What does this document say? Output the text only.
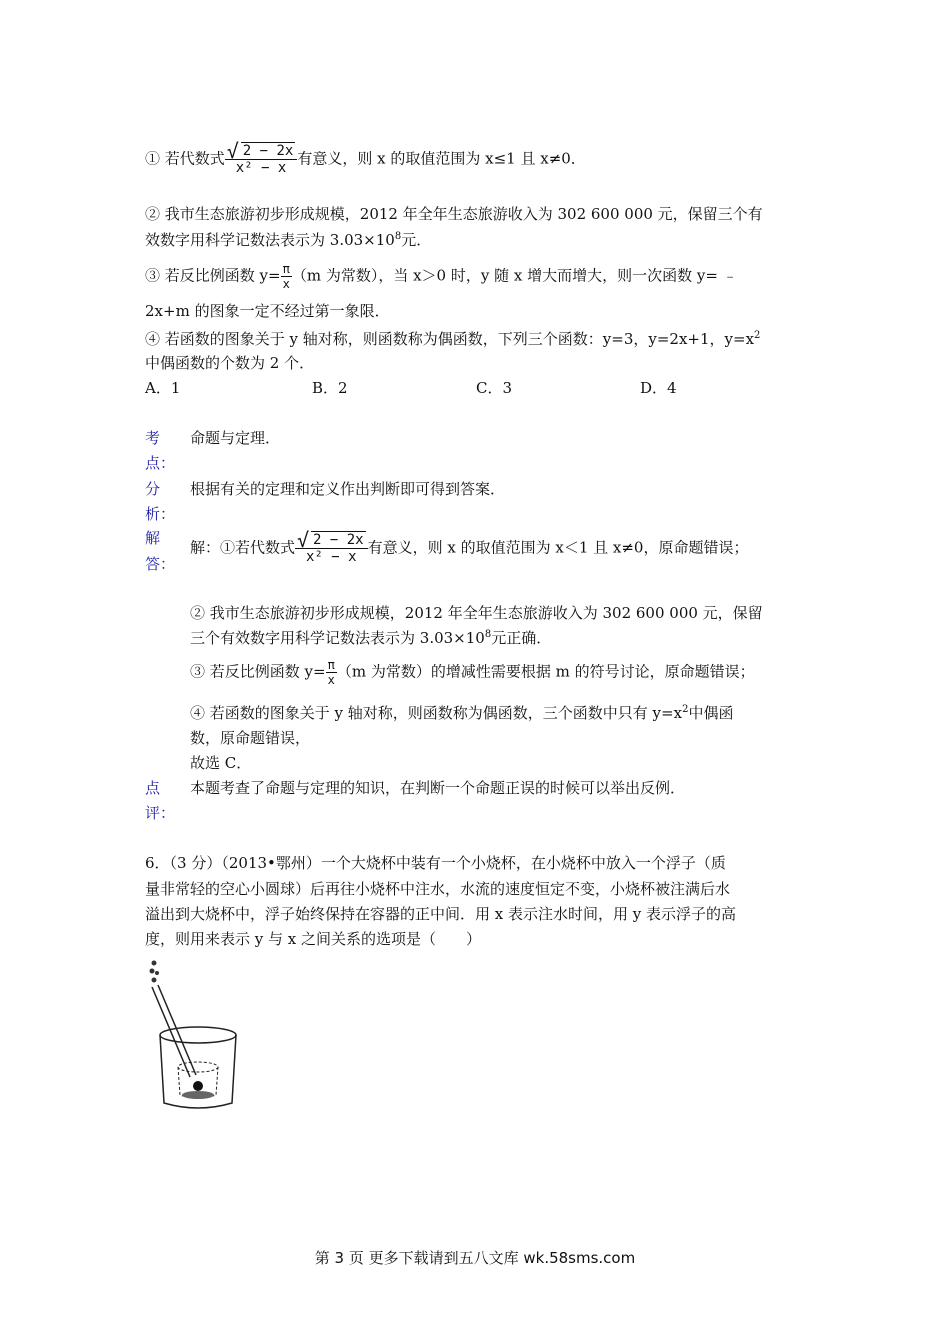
① 若代数式 $\frac{√ 2 - 2x}{\text{x² − x}}$ 有意义，则 x 的取值范围为 x≤1 且 x≠0．
② 我市生态旅游初步形成规模，2012 年全年生态旅游收入为 302 600 000 元，保留三个有
效数字用科学记数法表示为 $3.03\times 10^8$元．
③ 若反比例函数 $y= \frac{\pi}{x} (m$ 为常数），当 x＞0 时，y 随 x 增大而增大，则一次函数 y= ﹣
2x+m 的图象一定不经过第一象限．
④ 若函数的图象关于 y 轴对称，则函数称为偶函数，下列三个函数：y=3，y=2x+1，$y=x^2$
中偶函数的个数为 2 个．
A．1	B．2	C．3	D．4
考
点：
命题与定理．
分
析：
根据有关的定理和定义作出判断即可得到答案．
解
答：
解：①若代数式 $\frac{√ 2 - 2x}{\text{x² − x}}$ 有意义，则 x 的取值范围为 x＜1 且 x≠0，原命题错误；
② 我市生态旅游初步形成规模，2012 年全年生态旅游收入为 302 600 000 元，保留
三个有效数字用科学记数法表示为 $3.03\times 10^8$元正确．
③ 若反比例函数 $y= \frac{\pi}{x} (m$ 为常数）的增减性需要根据 m 的符号讨论，原命题错误；
④ 若函数的图象关于 y 轴对称，则函数称为偶函数，三个函数中只有 $y=x^2$中偶函
数，原命题错误，
故选 C．
点
评：
本题考查了命题与定理的知识，在判断一个命题正误的时候可以举出反例．
6．（3 分）（2013•鄂州）一个大烧杯中装有一个小烧杯，在小烧杯中放入一个浮子（质
量非常轻的空心小圆球）后再往小烧杯中注水，水流的速度恒定不变，小烧杯被注满后水
溢出到大烧杯中，浮子始终保持在容器的正中间．用 x 表示注水时间，用 y 表示浮子的高
度，则用来表示 y 与 x 之间关系的选项是（　　）
第 3 页 更多下载请到五八文库 wk.58sms.com
